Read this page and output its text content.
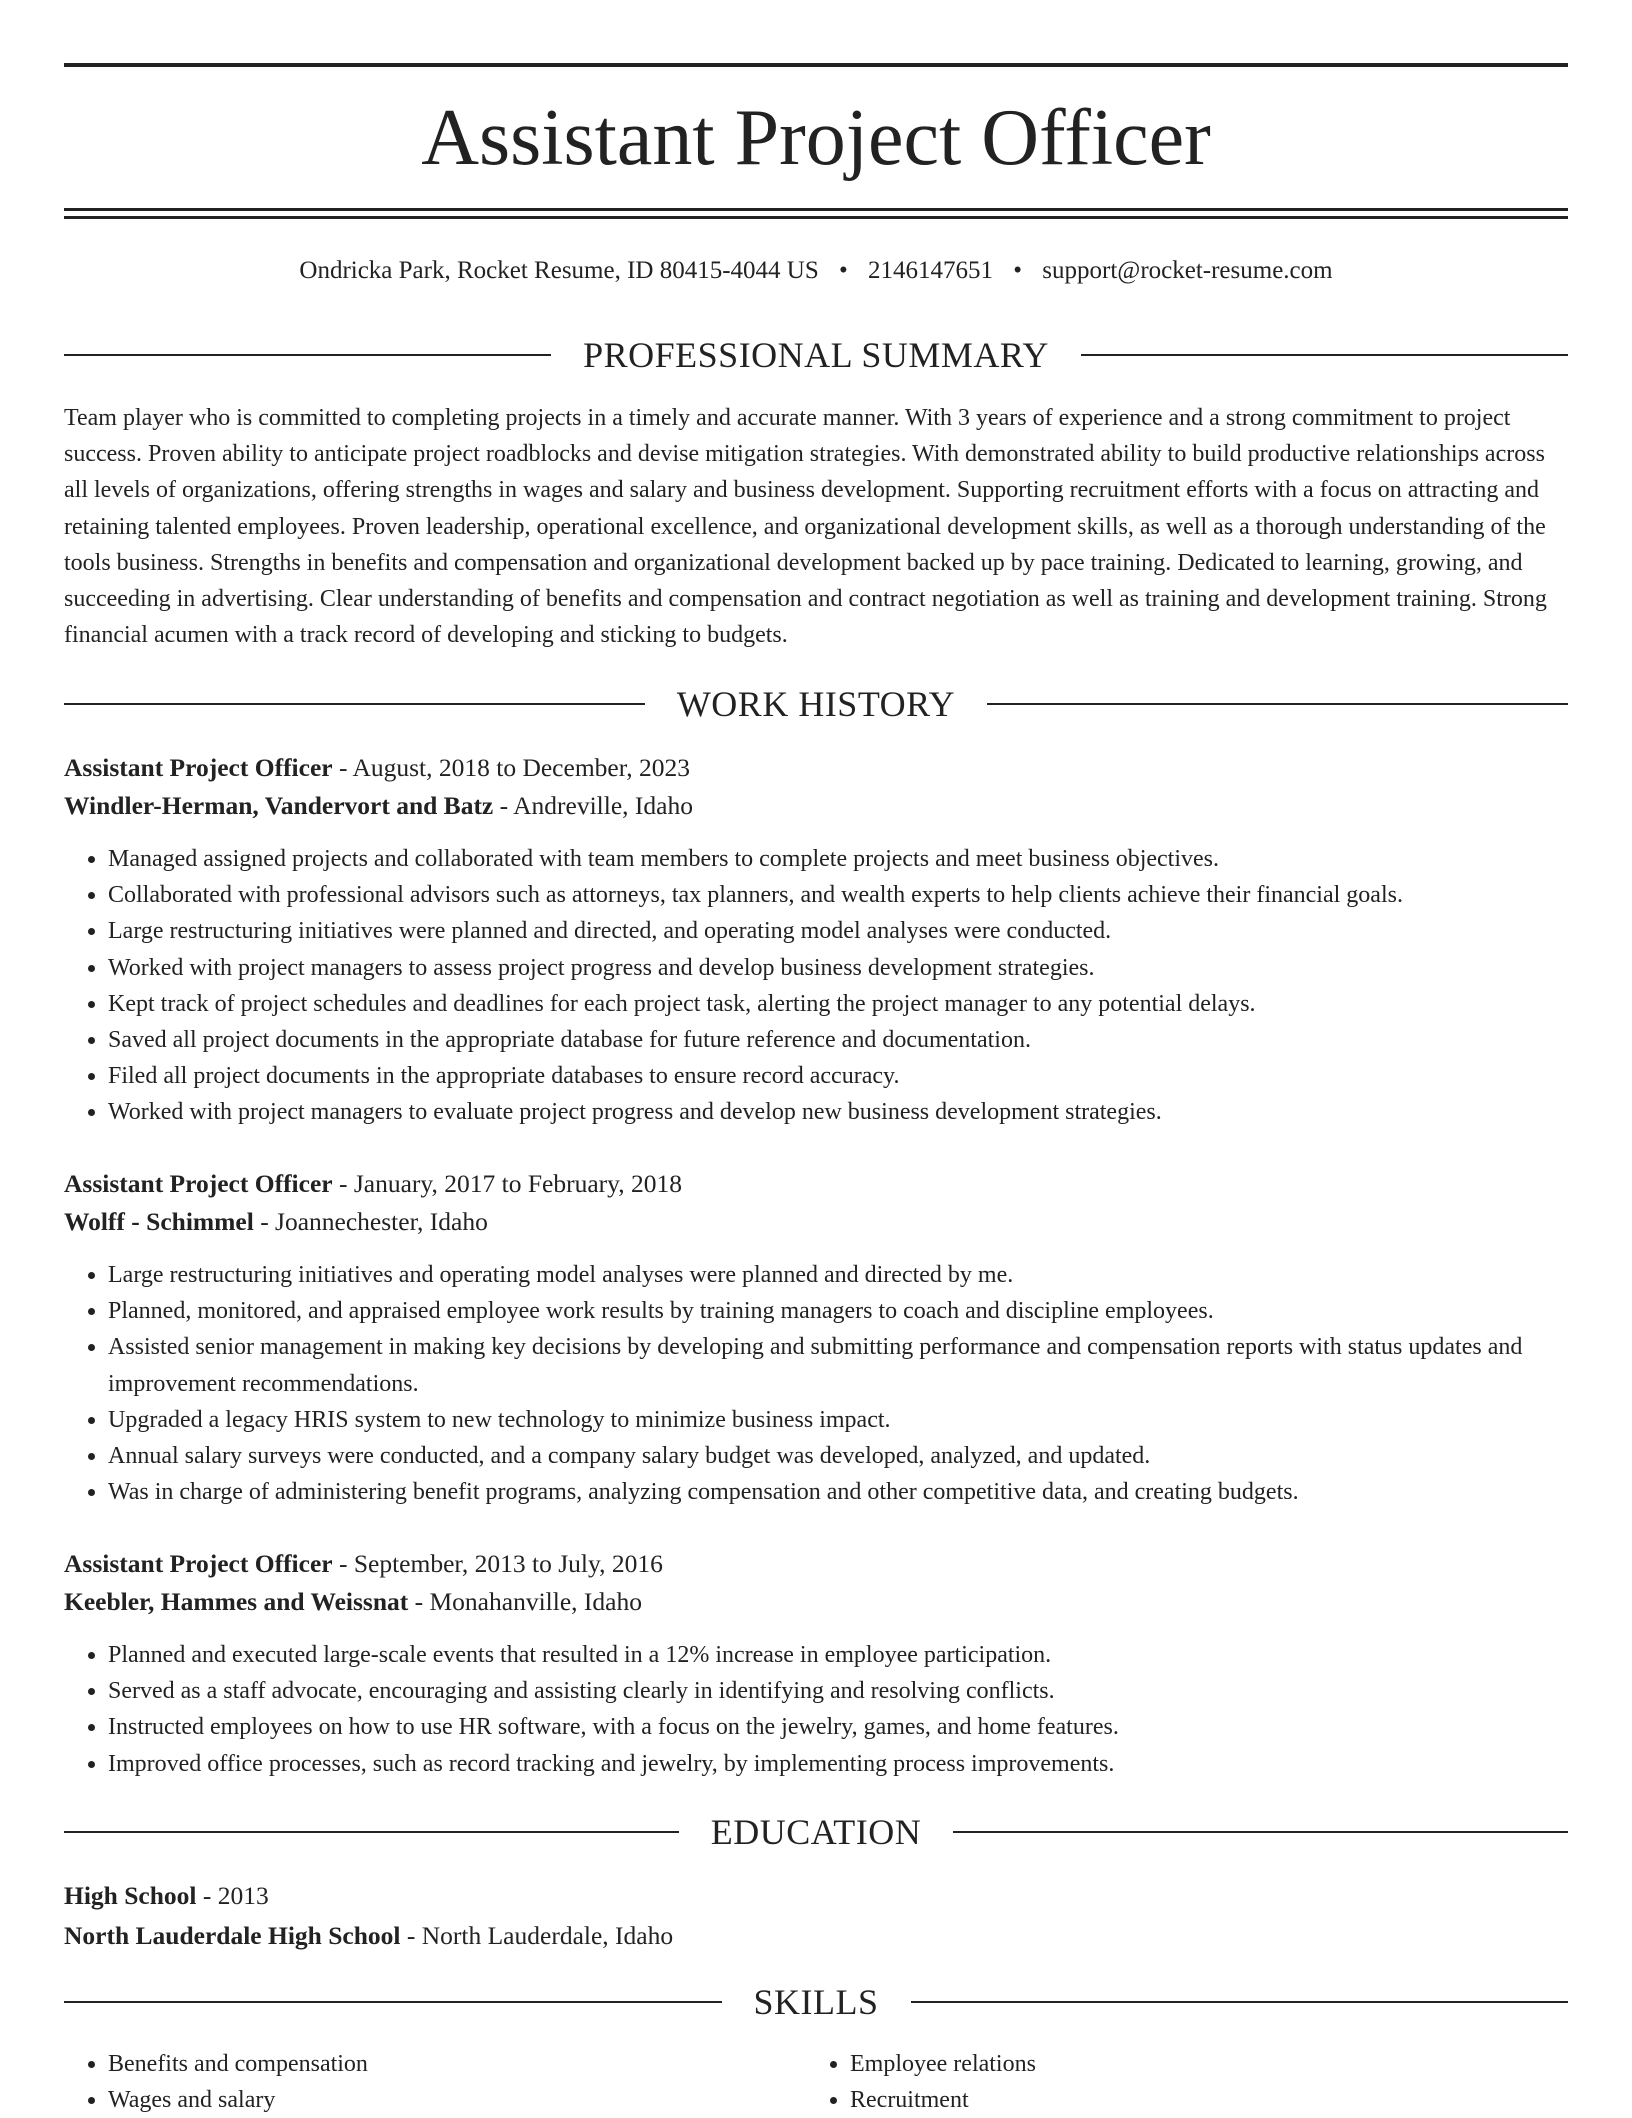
Assistant Project Officer
Ondricka Park, Rocket Resume, ID 80415-4044 US • 2146147651 • support@rocket-resume.com
PROFESSIONAL SUMMARY

Team player who is committed to completing projects in a timely and accurate manner. With 3 years of experience and a strong commitment to project success. Proven ability to anticipate project roadblocks and devise mitigation strategies. With demonstrated ability to build productive relationships across all levels of organizations, offering strengths in wages and salary and business development. Supporting recruitment efforts with a focus on attracting and retaining talented employees. Proven leadership, operational excellence, and organizational development skills, as well as a thorough understanding of the tools business. Strengths in benefits and compensation and organizational development backed up by pace training. Dedicated to learning, growing, and succeeding in advertising. Clear understanding of benefits and compensation and contract negotiation as well as training and development training. Strong financial acumen with a track record of developing and sticking to budgets.

WORK HISTORY

Assistant Project Officer - August, 2018 to December, 2023

Windler-Herman, Vandervort and Batz - Andreville, Idaho

• Managed assigned projects and collaborated with team members to complete projects and meet business objectives.
• Collaborated with professional advisors such as attorneys, tax planners, and wealth experts to help clients achieve their financial goals.
• Large restructuring initiatives were planned and directed, and operating model analyses were conducted.
• Worked with project managers to assess project progress and develop business development strategies.
• Kept track of project schedules and deadlines for each project task, alerting the project manager to any potential delays.
• Saved all project documents in the appropriate database for future reference and documentation.
• Filed all project documents in the appropriate databases to ensure record accuracy.
• Worked with project managers to evaluate project progress and develop new business development strategies.

Assistant Project Officer - January, 2017 to February, 2018

Wolff - Schimmel - Joannechester, Idaho

• Large restructuring initiatives and operating model analyses were planned and directed by me.
• Planned, monitored, and appraised employee work results by training managers to coach and discipline employees.
• Assisted senior management in making key decisions by developing and submitting performance and compensation reports with status updates and improvement recommendations.
• Upgraded a legacy HRIS system to new technology to minimize business impact.
• Annual salary surveys were conducted, and a company salary budget was developed, analyzed, and updated.
• Was in charge of administering benefit programs, analyzing compensation and other competitive data, and creating budgets.

Assistant Project Officer - September, 2013 to July, 2016

Keebler, Hammes and Weissnat - Monahanville, Idaho

• Planned and executed large-scale events that resulted in a 12% increase in employee participation.
• Served as a staff advocate, encouraging and assisting clearly in identifying and resolving conflicts.
• Instructed employees on how to use HR software, with a focus on the jewelry, games, and home features.
• Improved office processes, such as record tracking and jewelry, by implementing process improvements.
EDUCATION

High School - 2013

North Lauderdale High School - North Lauderdale, Idaho

SKILLS
• Benefits and compensation
• Wages and salary
• Employee relations
• Recruitment
